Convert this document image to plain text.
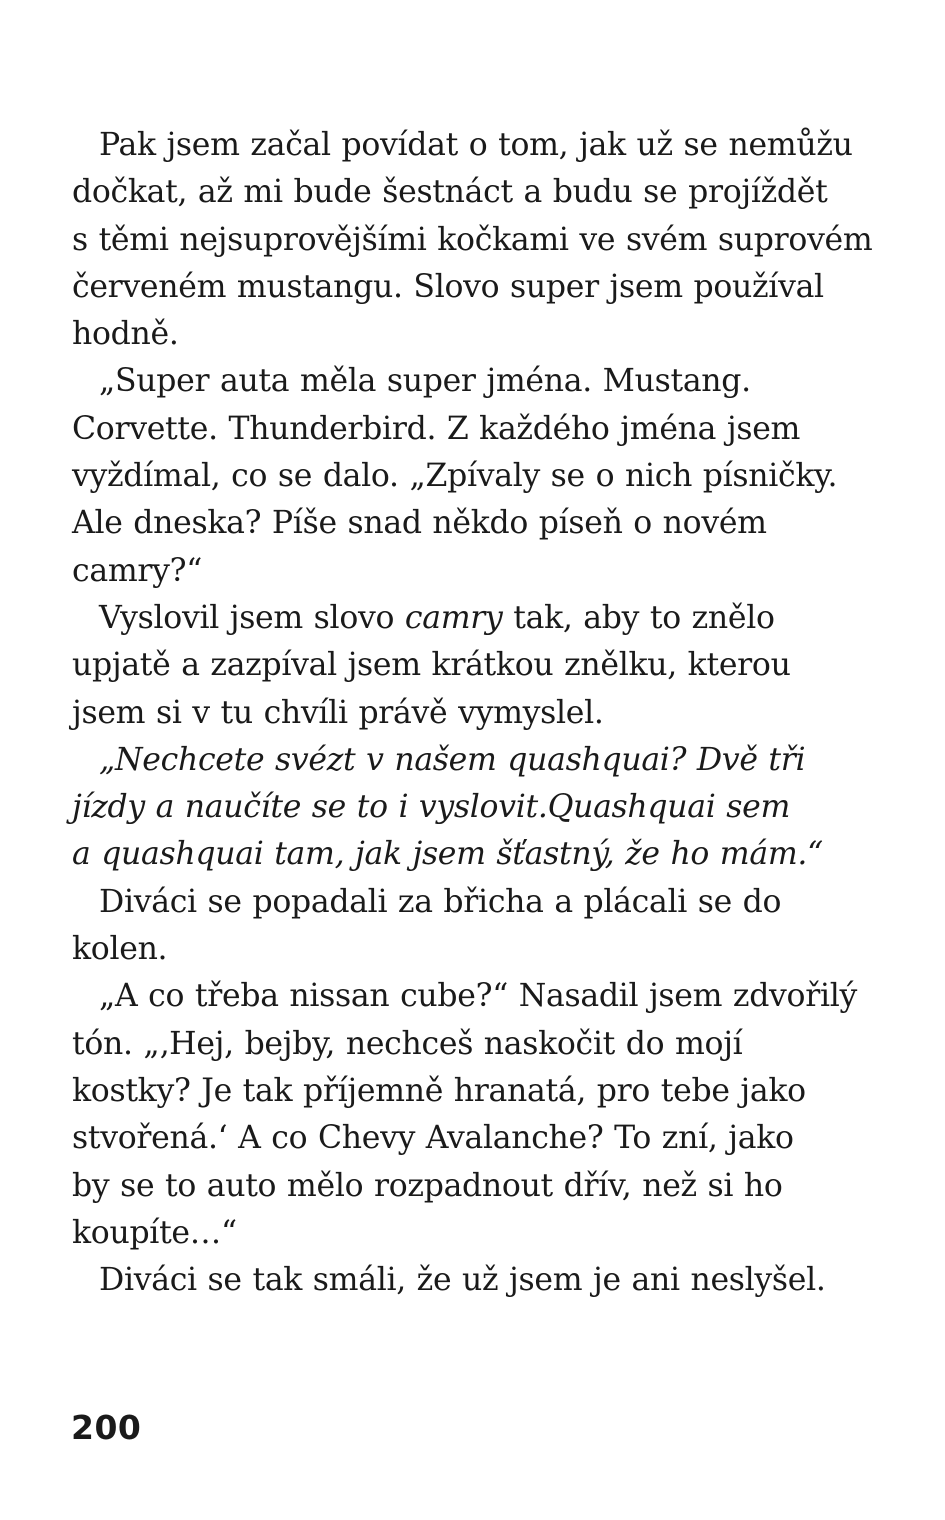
Pak jsem začal povídat o tom, jak už se nemůžu
dočkat, až mi bude šestnáct a budu se projíždět
s těmi nejsuprovějšími kočkami ve svém suprovém
červeném mustangu. Slovo super jsem používal
hodně.
„Super auta měla super jména. Mustang.
Corvette. Thunderbird. Z každého jména jsem
vyždímal, co se dalo. „Zpívaly se o nich písničky.
Ale dneska? Píše snad někdo píseň o novém
camry?“
Vyslovil jsem slovo camry tak, aby to znělo
upjatě a zazpíval jsem krátkou znělku, kterou
jsem si v tu chvíli právě vymyslel.
„Nechcete svézt v našem quashquai? Dvě tři
jízdy a naučíte se to i vyslovit.Quashquai sem
a quashquai tam, jak jsem šťastný, že ho mám.“
Diváci se popadali za břicha a plácali se do
kolen.
„A co třeba nissan cube?“ Nasadil jsem zdvořilý
tón. „‚Hej, bejby, nechceš naskočit do mojí
kostky? Je tak příjemně hranatá, pro tebe jako
stvořená.‘ A co Chevy Avalanche? To zní, jako
by se to auto mělo rozpadnout dřív, než si ho
koupíte…“
Diváci se tak smáli, že už jsem je ani neslyšel.
200
